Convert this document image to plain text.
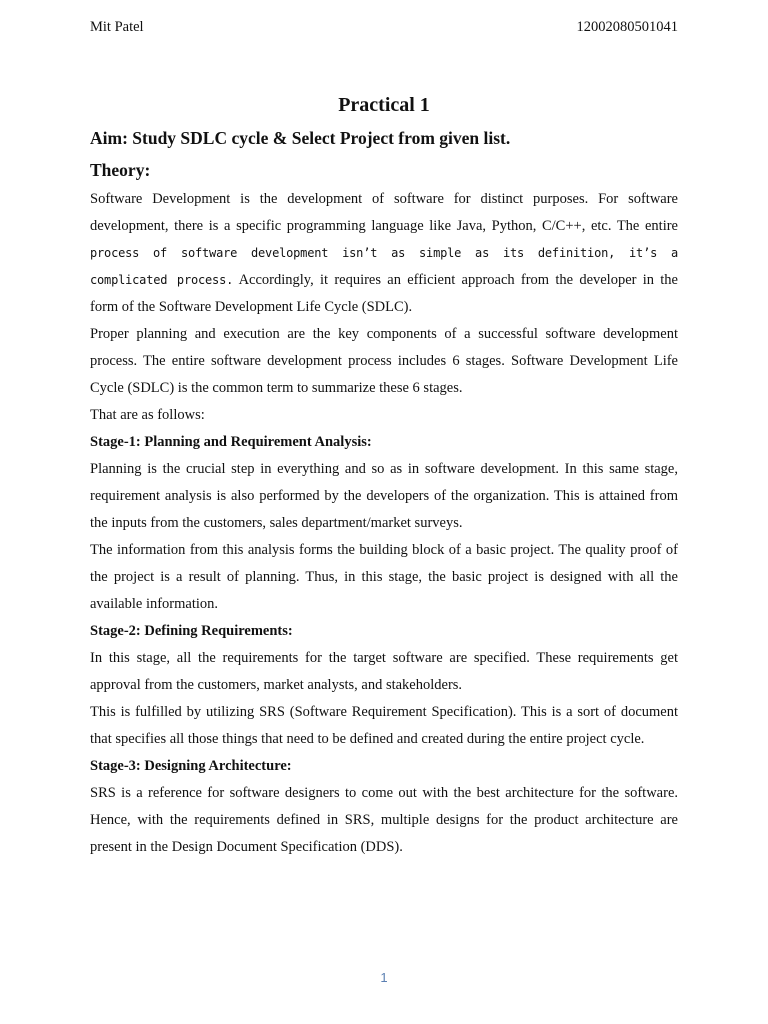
Mit Patel	12002080501041
Practical 1
Aim: Study SDLC cycle & Select Project from given list.
Theory:

Software Development is the development of software for distinct purposes. For software development, there is a specific programming language like Java, Python, C/C++, etc. The entire process of software development isn’t as simple as its definition, it’s a complicated process. Accordingly, it requires an efficient approach from the developer in the form of the Software Development Life Cycle (SDLC).

Proper planning and execution are the key components of a successful software development process. The entire software development process includes 6 stages. Software Development Life Cycle (SDLC) is the common term to summarize these 6 stages.

That are as follows:

Stage-1: Planning and Requirement Analysis:

Planning is the crucial step in everything and so as in software development. In this same stage, requirement analysis is also performed by the developers of the organization. This is attained from the inputs from the customers, sales department/market surveys.

The information from this analysis forms the building block of a basic project. The quality proof of the project is a result of planning. Thus, in this stage, the basic project is designed with all the available information.

Stage-2: Defining Requirements:

In this stage, all the requirements for the target software are specified. These requirements get approval from the customers, market analysts, and stakeholders.

This is fulfilled by utilizing SRS (Software Requirement Specification). This is a sort of document that specifies all those things that need to be defined and created during the entire project cycle.

Stage-3: Designing Architecture:

SRS is a reference for software designers to come out with the best architecture for the software. Hence, with the requirements defined in SRS, multiple designs for the product architecture are present in the Design Document Specification (DDS).

1
